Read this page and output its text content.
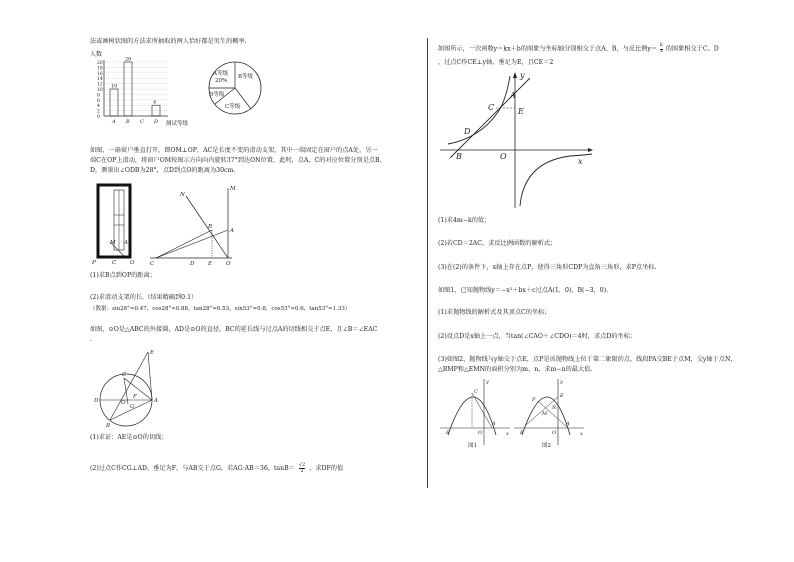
法或画树状图的方法求所抽取的两人恰好都是男生的概率.
人数
20
18
16
14
12
10
8
6
4
2
0
10
20
4
A B C D 测试等级
A等级
20%
B等级
D等级
C等级
如图，一扇窗户垂直打开，即OM⊥OP，AC是长度不变的滑动支架，其中一端固定在窗户的点A处，另一
端C在OP上滑动，将窗户OM按图示方向向内旋转37°到达ON位置，此时，点A、C的对应位置分别是点B、
D，测量出∠ODB为28°，点D到点O的距离为30cm.
M A
P	C	O
M
N
B
A
C	D E	O
(1)求B点到OP的距离；
(2)求滑动支架的长.（结果精确到0.1）
（数据：sin28°≈0.47，cos28°≈0.88，tan28°≈0.53，sin53°≈0.8，cos53°≈0.6，tan53°≈1.33）
如图，⊙O是△ABC的外接圆，AD是⊙O的直径，BC的延长线与过点A的切线相交于点E，且∠B＝∠EAC
.
E
C
D	O
F
G
A
B
(1)求证：AE是⊙O的切线；
(2)过点C作CG⊥AD，垂足为F，与AB交于点G，若AG·AB＝36，$\tan B= \frac{√2}{2}$ ，求DF的值
如图所示，一次函数y＝kx＋b的图象与坐标轴分别相交于点A、B，与反比例$y= \frac{k}{x}$ 的图象相交于C、D
，过点C作CE⊥y轴，垂足为E，且CE＝2
y
x
A
C	E
D
B	O
(1)求4m−k的值；
(2)若CD＝2AC，求反比例函数的解析式；
(3)在(2)的条件下，x轴上存在点P，使得三角形CDP为直角三角形，求P点坐标.
如图1，已知抛物线y＝−x²＋bx＋c过点A(1，0)，B(−3，0).
(1)求抛物线的解析式及其顶点C的坐标；
(2)设点D是x轴上一点，当tan(∠CAO＋∠CDO)＝4时，求点D的坐标；
(3)如图2，抛物线与y轴交于点E，点P是该抛物线上位于第二象限的点，线段PA交BE于点M，交y轴于点N，
△BMP和△EMN的面积分别为m、n，求m−n的最大值.
y
C
B	O
A
x
图1
y
P
E
N
M
B	O
A
x
图2
